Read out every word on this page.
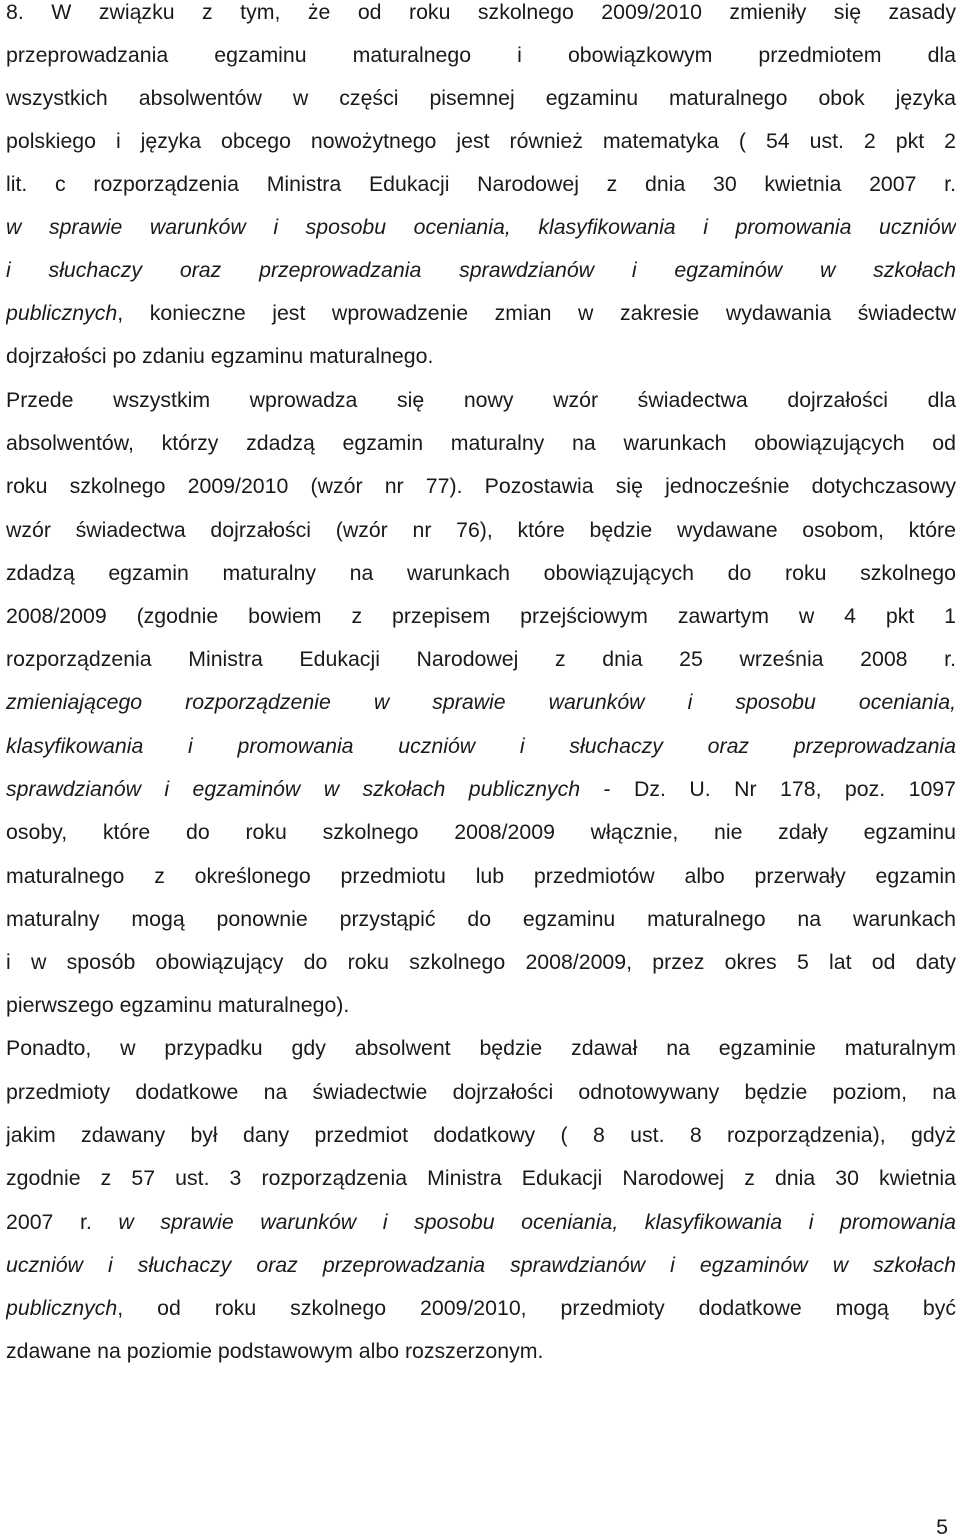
8. W związku z tym, że od roku szkolnego 2009/2010 zmieniły się zasady
przeprowadzania egzaminu maturalnego i obowiązkowym przedmiotem dla
wszystkich absolwentów w części pisemnej egzaminu maturalnego obok języka
polskiego i języka obcego nowożytnego jest również matematyka ( 54 ust. 2 pkt 2
lit. c rozporządzenia Ministra Edukacji Narodowej z dnia 30 kwietnia 2007 r.
w sprawie warunków i sposobu oceniania, klasyfikowania i promowania uczniów
i słuchaczy oraz przeprowadzania sprawdzianów i egzaminów w szkołach
publicznych, konieczne jest wprowadzenie zmian w zakresie wydawania świadectw
dojrzałości po zdaniu egzaminu maturalnego.
Przede wszystkim wprowadza się nowy wzór świadectwa dojrzałości dla
absolwentów, którzy zdadzą egzamin maturalny na warunkach obowiązujących od
roku szkolnego 2009/2010 (wzór nr 77). Pozostawia się jednocześnie dotychczasowy
wzór świadectwa dojrzałości (wzór nr 76), które będzie wydawane osobom, które
zdadzą egzamin maturalny na warunkach obowiązujących do roku szkolnego
2008/2009 (zgodnie bowiem z przepisem przejściowym zawartym w 4 pkt 1
rozporządzenia Ministra Edukacji Narodowej z dnia 25 września 2008 r.
zmieniającego rozporządzenie w sprawie warunków i sposobu oceniania,
klasyfikowania i promowania uczniów i słuchaczy oraz przeprowadzania
sprawdzianów i egzaminów w szkołach publicznych - Dz. U. Nr 178, poz. 1097
osoby, które do roku szkolnego 2008/2009 włącznie, nie zdały egzaminu
maturalnego z określonego przedmiotu lub przedmiotów albo przerwały egzamin
maturalny mogą ponownie przystąpić do egzaminu maturalnego na warunkach
i w sposób obowiązujący do roku szkolnego 2008/2009, przez okres 5 lat od daty
pierwszego egzaminu maturalnego).
Ponadto, w przypadku gdy absolwent będzie zdawał na egzaminie maturalnym
przedmioty dodatkowe na świadectwie dojrzałości odnotowywany będzie poziom, na
jakim zdawany był dany przedmiot dodatkowy ( 8 ust. 8 rozporządzenia), gdyż
zgodnie z 57 ust. 3 rozporządzenia Ministra Edukacji Narodowej z dnia 30 kwietnia
2007 r. w sprawie warunków i sposobu oceniania, klasyfikowania i promowania
uczniów i słuchaczy oraz przeprowadzania sprawdzianów i egzaminów w szkołach
publicznych, od roku szkolnego 2009/2010, przedmioty dodatkowe mogą być
zdawane na poziomie podstawowym albo rozszerzonym.
5
